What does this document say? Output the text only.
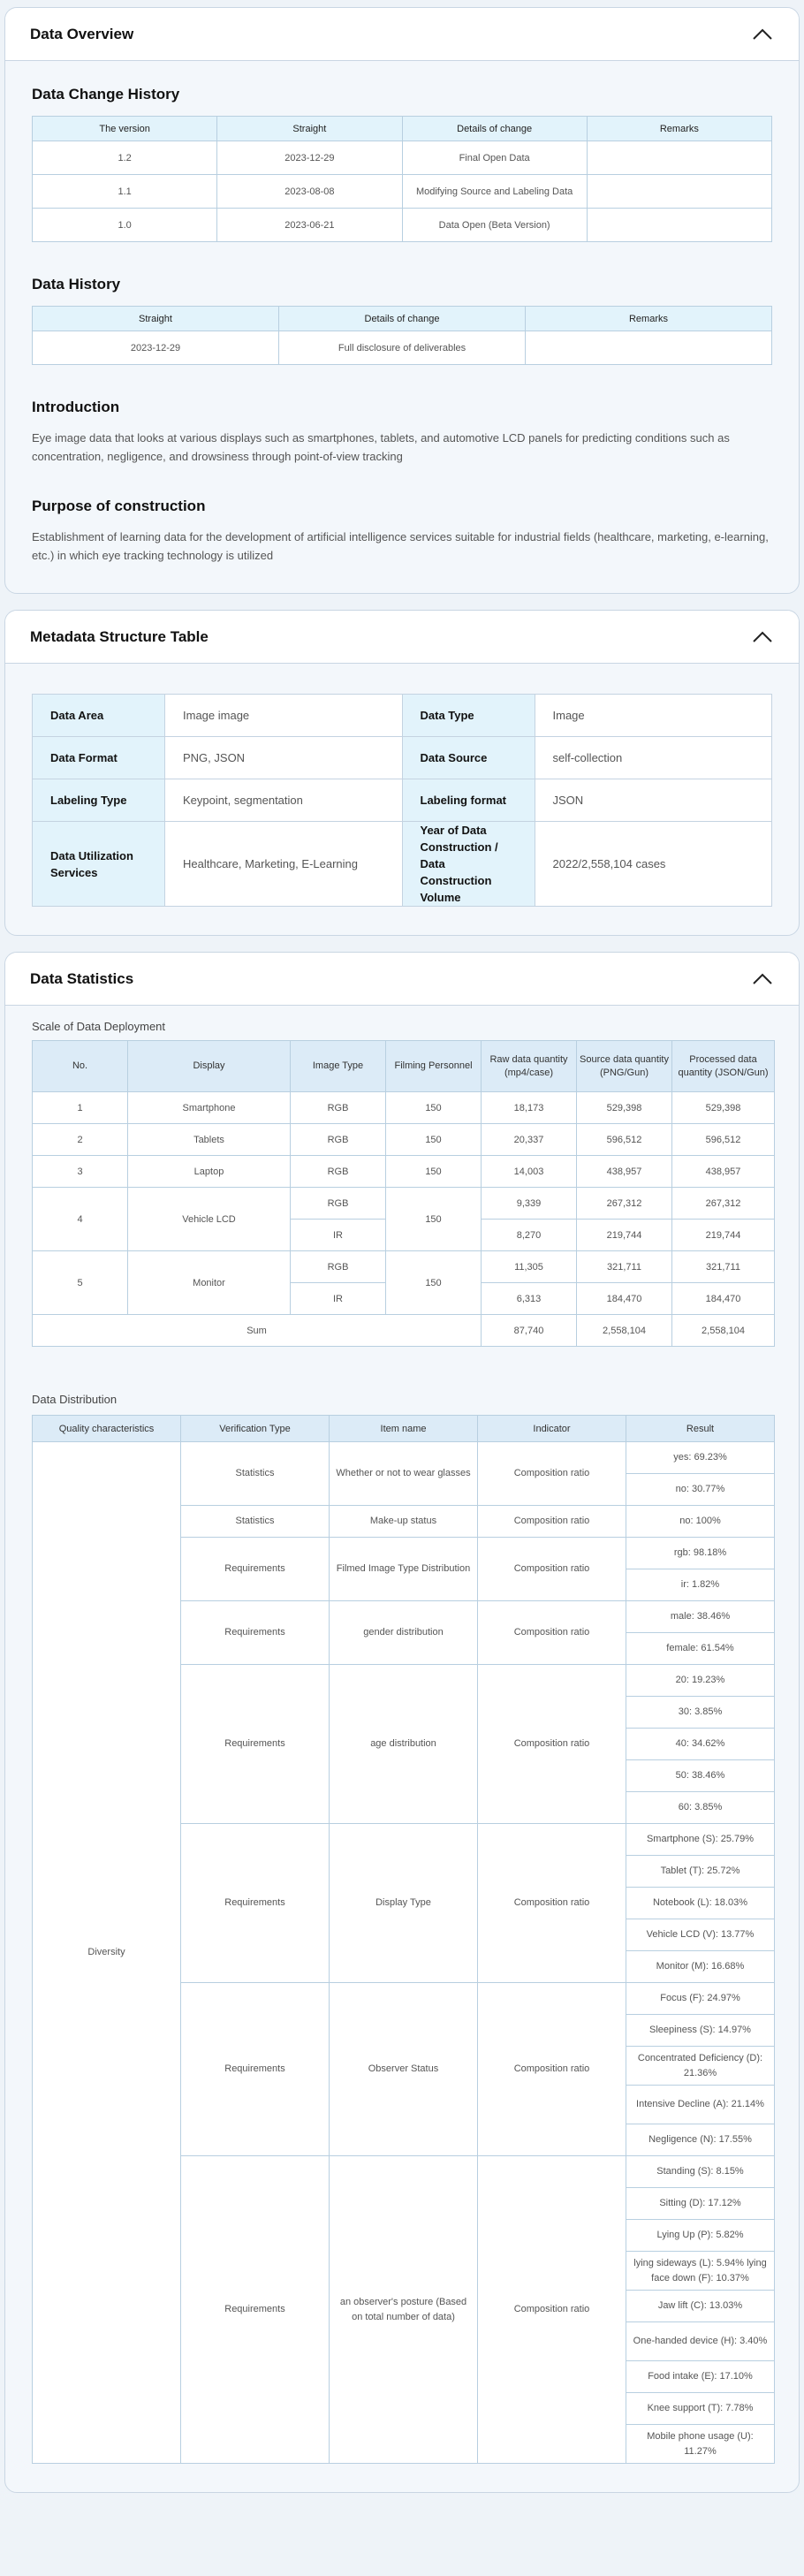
Data Overview
Data Change History
The version	Straight	Details of change	Remarks
1.2	2023-12-29	Final Open Data	
1.1	2023-08-08	Modifying Source and Labeling Data	
1.0	2023-06-21	Data Open (Beta Version)	
Data History
Straight	Details of change	Remarks
2023-12-29	Full disclosure of deliverables	
Introduction

Eye image data that looks at various displays such as smartphones, tablets, and automotive LCD panels for predicting conditions such as concentration, negligence, and drowsiness through point-of-view tracking

Purpose of construction

Establishment of learning data for the development of artificial intelligence services suitable for industrial fields (healthcare, marketing, e-learning, etc.) in which eye tracking technology is utilized

Metadata Structure Table
Data Area	Image image	Data Type	Image
Data Format	PNG, JSON	Data Source	self-collection
Labeling Type	Keypoint, segmentation	Labeling format	JSON
Data Utilization Services	Healthcare, Marketing, E-Learning	Year of Data Construction / Data Construction Volume	2022/2,558,104 cases
Data Statistics

Scale of Data Deployment

No.	Display	Image Type	Filming Personnel	Raw data quantity (mp4/case)	Source data quantity (PNG/Gun)	Processed data quantity (JSON/Gun)
1	Smartphone	RGB	150	18,173	529,398	529,398
2	Tablets	RGB	150	20,337	596,512	596,512
3	Laptop	RGB	150	14,003	438,957	438,957
4	Vehicle LCD	RGB	150	9,339	267,312	267,312
		IR		8,270	219,744	219,744
5	Monitor	RGB	150	11,305	321,711	321,711
		IR		6,313	184,470	184,470
Sum				87,740	2,558,104	2,558,104

Data Distribution

Quality characteristics	Verification Type	Item name	Indicator	Result
Diversity	Statistics	Whether or not to wear glasses	Composition ratio	yes: 69.23%
				no: 30.77%
	Statistics	Make-up status	Composition ratio	no: 100%
	Requirements	Filmed Image Type Distribution	Composition ratio	rgb: 98.18%
				ir: 1.82%
	Requirements	gender distribution	Composition ratio	male: 38.46%
				female: 61.54%
	Requirements	age distribution	Composition ratio	20: 19.23%
				30: 3.85%
				40: 34.62%
				50: 38.46%
				60: 3.85%
	Requirements	Display Type	Composition ratio	Smartphone (S): 25.79%
				Tablet (T): 25.72%
				Notebook (L): 18.03%
				Vehicle LCD (V): 13.77%
				Monitor (M): 16.68%
	Requirements	Observer Status	Composition ratio	Focus (F): 24.97%
				Sleepiness (S): 14.97%
				Concentrated Deficiency (D): 21.36%
				Intensive Decline (A): 21.14%
				Negligence (N): 17.55%
	Requirements	an observer's posture (Based on total number of data)	Composition ratio	Standing (S): 8.15%
				Sitting (D): 17.12%
				Lying Up (P): 5.82%
				lying sideways (L): 5.94% lying face down (F): 10.37%
				Jaw lift (C): 13.03%
				One-handed device (H): 3.40%
				Food intake (E): 17.10%
				Knee support (T): 7.78%
				Mobile phone usage (U): 11.27%
